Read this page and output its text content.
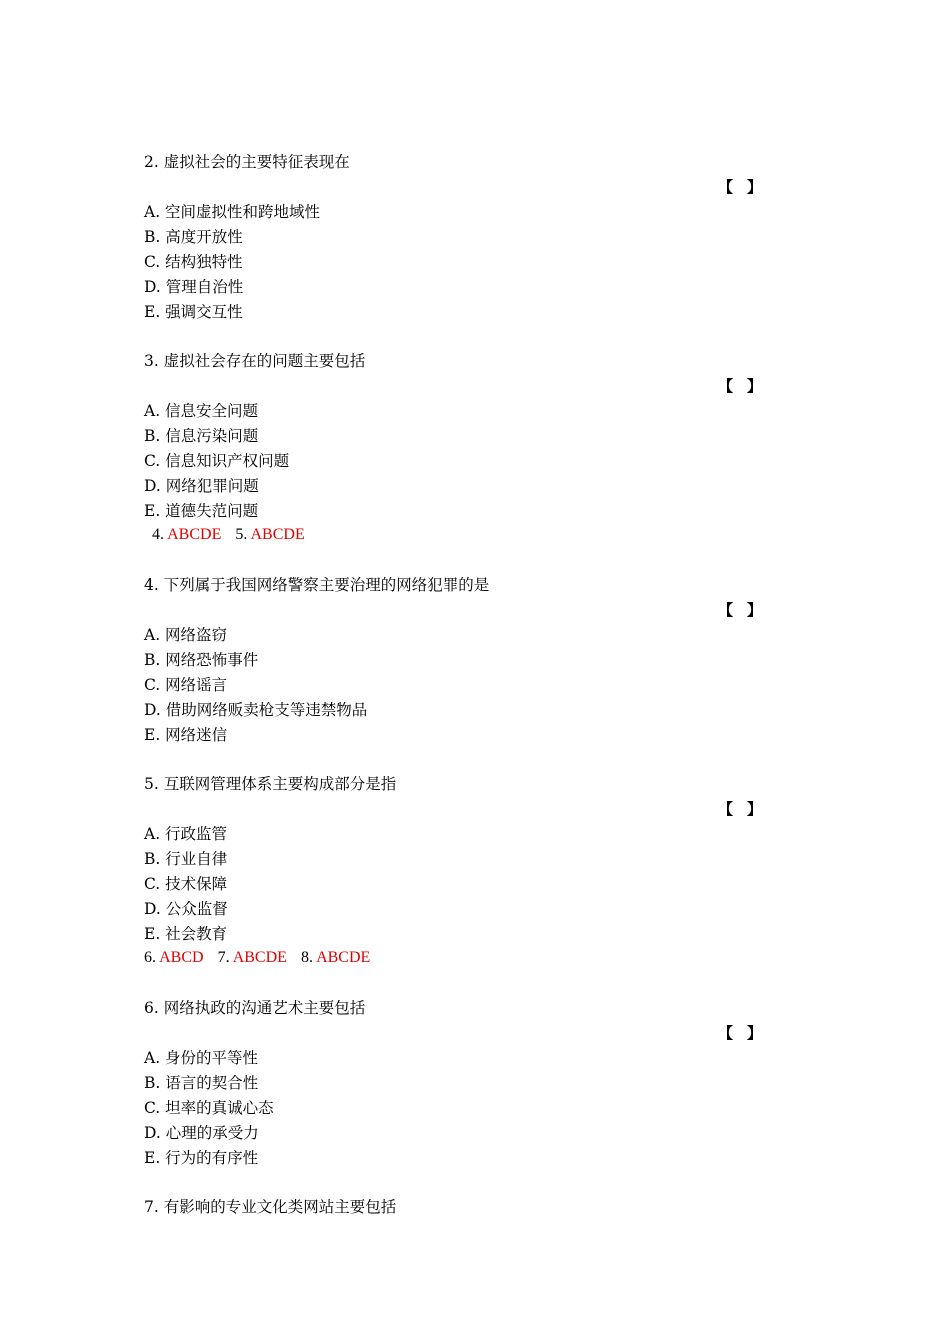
2. 虚拟社会的主要特征表现在
【 】
A. 空间虚拟性和跨地域性
B. 高度开放性
C. 结构独特性
D. 管理自治性
E. 强调交互性
3. 虚拟社会存在的问题主要包括
【 】
A. 信息安全问题
B. 信息污染问题
C. 信息知识产权问题
D. 网络犯罪问题
E. 道德失范问题
4. ABCDE 5. ABCDE
4. 下列属于我国网络警察主要治理的网络犯罪的是
【 】
A. 网络盗窃
B. 网络恐怖事件
C. 网络谣言
D. 借助网络贩卖枪支等违禁物品
E. 网络迷信
5. 互联网管理体系主要构成部分是指
【 】
A. 行政监管
B. 行业自律
C. 技术保障
D. 公众监督
E. 社会教育
6. ABCD 7. ABCDE 8. ABCDE
6. 网络执政的沟通艺术主要包括
【 】
A. 身份的平等性
B. 语言的契合性
C. 坦率的真诚心态
D. 心理的承受力
E. 行为的有序性
7. 有影响的专业文化类网站主要包括
